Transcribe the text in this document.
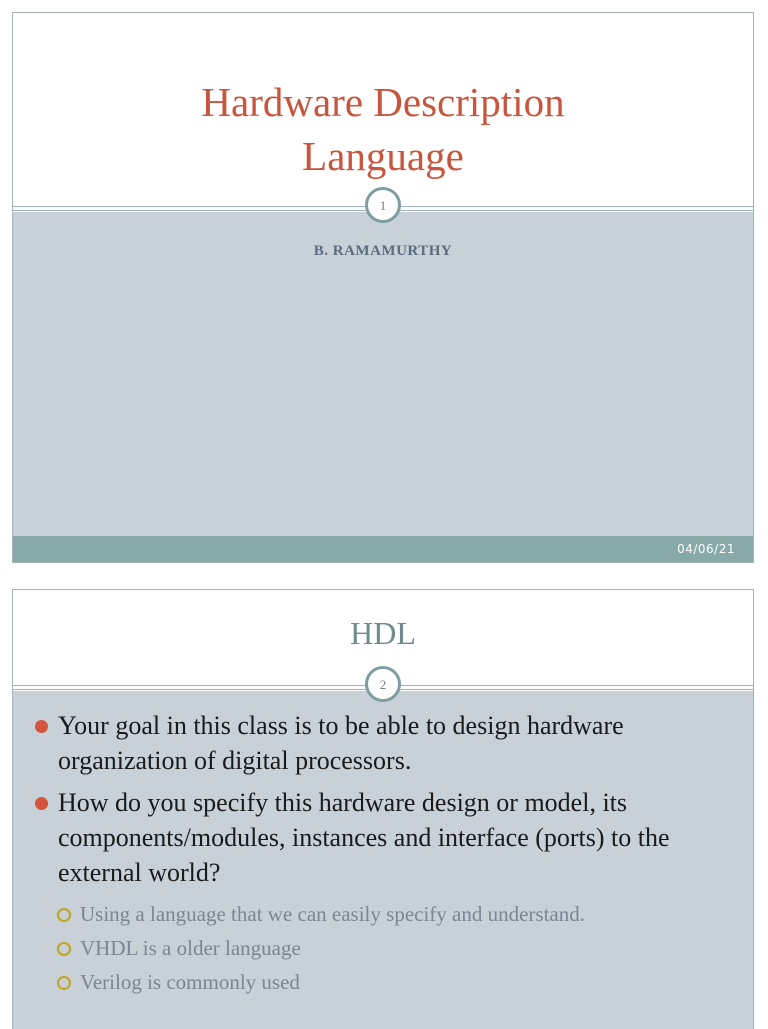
Hardware Description
Language
B. RAMAMURTHY
1
04/06/21
HDL
2
Your goal in this class is to be able to design hardware organization of digital processors.
How do you specify this hardware design or model, its components/modules, instances and interface (ports) to the external world?
Using a language that we can easily specify and understand.
VHDL is a older language
Verilog is commonly used
